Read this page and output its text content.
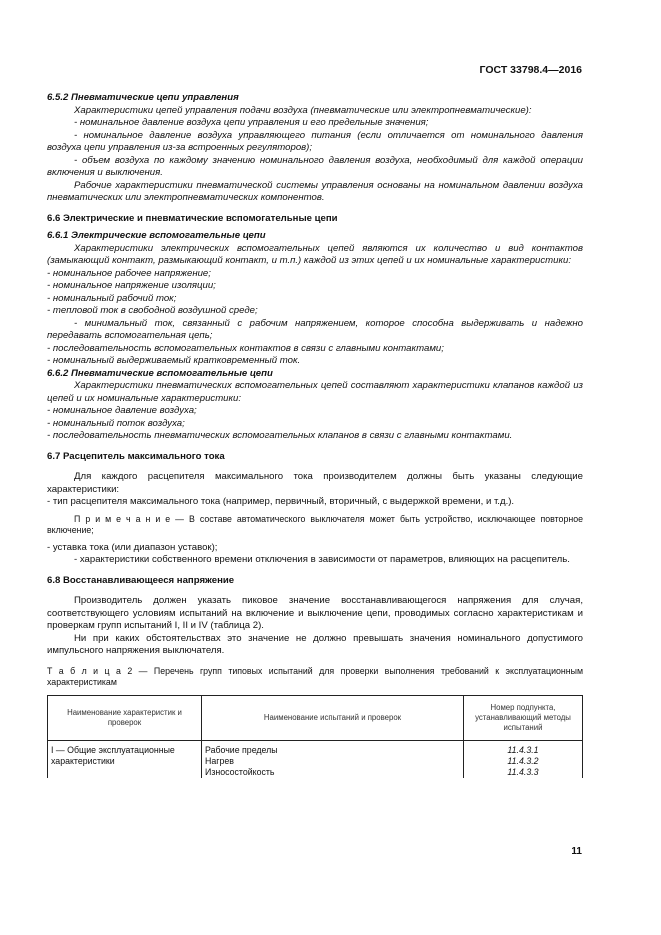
ГОСТ 33798.4—2016

6.5.2 Пневматические цепи управления

Характеристики цепей управления подачи воздуха (пневматические или электропневматические):

- номинальное давление воздуха цепи управления и его предельные значения;

- номинальное давление воздуха управляющего питания (если отличается от номинального давления воздуха цепи управления из-за встроенных регуляторов);

- объем воздуха по каждому значению номинального давления воздуха, необходимый для каждой операции включения и выключения.

Рабочие характеристики пневматической системы управления основаны на номинальном давлении воздуха пневматических или электропневматических компонентов.

6.6 Электрические и пневматические вспомогательные цепи

6.6.1 Электрические вспомогательные цепи

Характеристики электрических вспомогательных цепей являются их количество и вид контактов (замыкающий контакт, размыкающий контакт, и т.п.) каждой из этих цепей и их номинальные характеристики:

- номинальное рабочее напряжение;

- номинальное напряжение изоляции;

- номинальный рабочий ток;

- тепловой ток в свободной воздушной среде;

- минимальный ток, связанный с рабочим напряжением, которое способна выдерживать и надежно передавать вспомогательная цепь;

- последовательность вспомогательных контактов в связи с главными контактами;

- номинальный выдерживаемый кратковременный ток.

6.6.2 Пневматические вспомогательные цепи

Характеристики пневматических вспомогательных цепей составляют характеристики клапанов каждой из цепей и их номинальные характеристики:

- номинальное давление воздуха;

- номинальный поток воздуха;

- последовательность пневматических вспомогательных клапанов в связи с главными контактами.

6.7 Расцепитель максимального тока

Для каждого расцепителя максимального тока производителем должны быть указаны следующие характеристики:

- тип расцепителя максимального тока (например, первичный, вторичный, с выдержкой времени, и т.д.).

П р и м е ч а н и е — В составе автоматического выключателя может быть устройство, исключающее повторное включение;

- уставка тока (или диапазон уставок);

- характеристики собственного времени отключения в зависимости от параметров, влияющих на расцепитель.

6.8 Восстанавливающееся напряжение

Производитель должен указать пиковое значение восстанавливающегося напряжения для случая, соответствующего условиям испытаний на включение и выключение цепи, проводимых согласно характеристикам и проверкам групп испытаний I, II и IV (таблица 2).

Ни при каких обстоятельствах это значение не должно превышать значения номинального допустимого импульсного напряжения выключателя.

Т а б л и ц а 2 — Перечень групп типовых испытаний для проверки выполнения требований к эксплуатационным характеристикам

Наименование характеристик и проверок	Наименование испытаний и проверок	Номер подпункта, устанавливающий методы испытаний
I — Общие эксплуатационные характеристики	Рабочие пределы	11.4.3.1
	Нагрев	11.4.3.2
	Износостойкость	11.4.3.3
11
